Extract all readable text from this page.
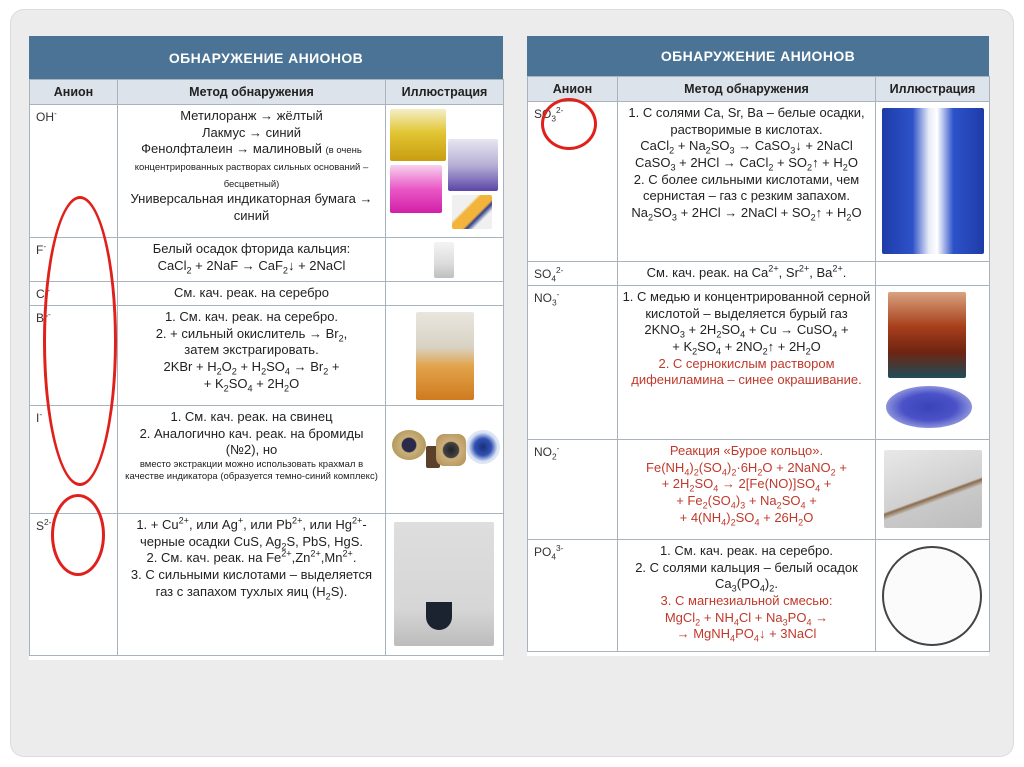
ОБНАРУЖЕНИЕ АНИОНОВ
Анион	Метод обнаружения	Иллюстрация
OH-	Метилоранж → жёлтый
Лакмус → синий
Фенолфталеин → малиновый (в очень концентрированных растворах сильных оснований – бесцветный)
Универсальная индикаторная бумага → синий	

F-	Белый осадок фторида кальция:
CaCl$_2$ + 2NaF → CaF$_2$↓ + 2NaCl	

Cl-	См. кач. реак. на серебро	

Br-	1. См. кач. реак. на серебро.
2. + сильный окислитель → $Br_2$,
затем экстрагировать.
$2KBr + H_2O_2 + H_2SO_4 \to Br_2$ +
+ $K_2SO_4 + 2H_2O$	

I-	1. См. кач. реак. на свинец
2. Аналогично кач. реак. на бромиды (№2), но
вместо экстракции можно использовать крахмал в качестве индикатора (образуется темно-синий комплекс)	

$S^{2-}$	1. + $Cu^{2+}$, или Ag+, или $Pb^{2+}$, или $Hg^{2+}-$ черные осадки CuS, $Ag_2S$, PbS, HgS.
2. См. кач. реак. на $Fe^{2+},Zn^{2+},Mn^{2+}$.
3. С сильными кислотами – выделяется газ с запахом тухлых яиц $(H_2S)$.	

ОБНАРУЖЕНИЕ АНИОНОВ
Анион	Метод обнаружения	Иллюстрация
$SO_3^{2-}$	1. С солями Ca, Sr, Ba – белые осадки, растворимые в кислотах.
CaCl$_2$ + $Na_2SO_3$ → CaSO$_3$↓ + 2NaCl
CaSO$_3$ + 2HCl → CaCl$_2$ + $SO_2↑ + H_2O$
2. С более сильными кислотами, чем сернистая – газ с резким запахом.
$Na_2SO_3 + 2HCl$ → 2NaCl + $SO_2↑ + H_2O$	

$SO_4^{2-}$	См. кач. реак. на $Ca^{2+}$, $Sr^{2+}$, $Ba^{2+}$.	

$NO_3^-$	1. С медью и концентрированной серной кислотой – выделяется бурый газ
$2KNO_3 + 2H_2SO_4 + Cu$ → CuSO$_4$ +
+ $K_2SO_4$ + $2NO_2↑ + 2H_2O$
2. С сернокислым раствором дифениламина – синее окрашивание.	

$NO_2^-$	Реакция «Бурое кольцо».
$Fe(NH_4)_2(SO_4)_2\cdot 6H_2O$ + 2NaNO$_2$ +
+ $2H_2SO_4 \to 2[Fe(NO)]SO_4$ +
+ $Fe_2(SO_4)_3 + Na_2SO_4$ +
+ $4(NH_4)_2SO_4 + 26H_2O$	

$PO_4^{3-}$	1. См. кач. реак. на серебро.
2. С солями кальция – белый осадок $Ca_3(PO_4)_2$.
3. С магнезиальной смесью:
MgCl$_2$ + $NH_4Cl + Na_3PO_4$ →
→ $MgNH_4PO_4↓$ + 3NaCl	
